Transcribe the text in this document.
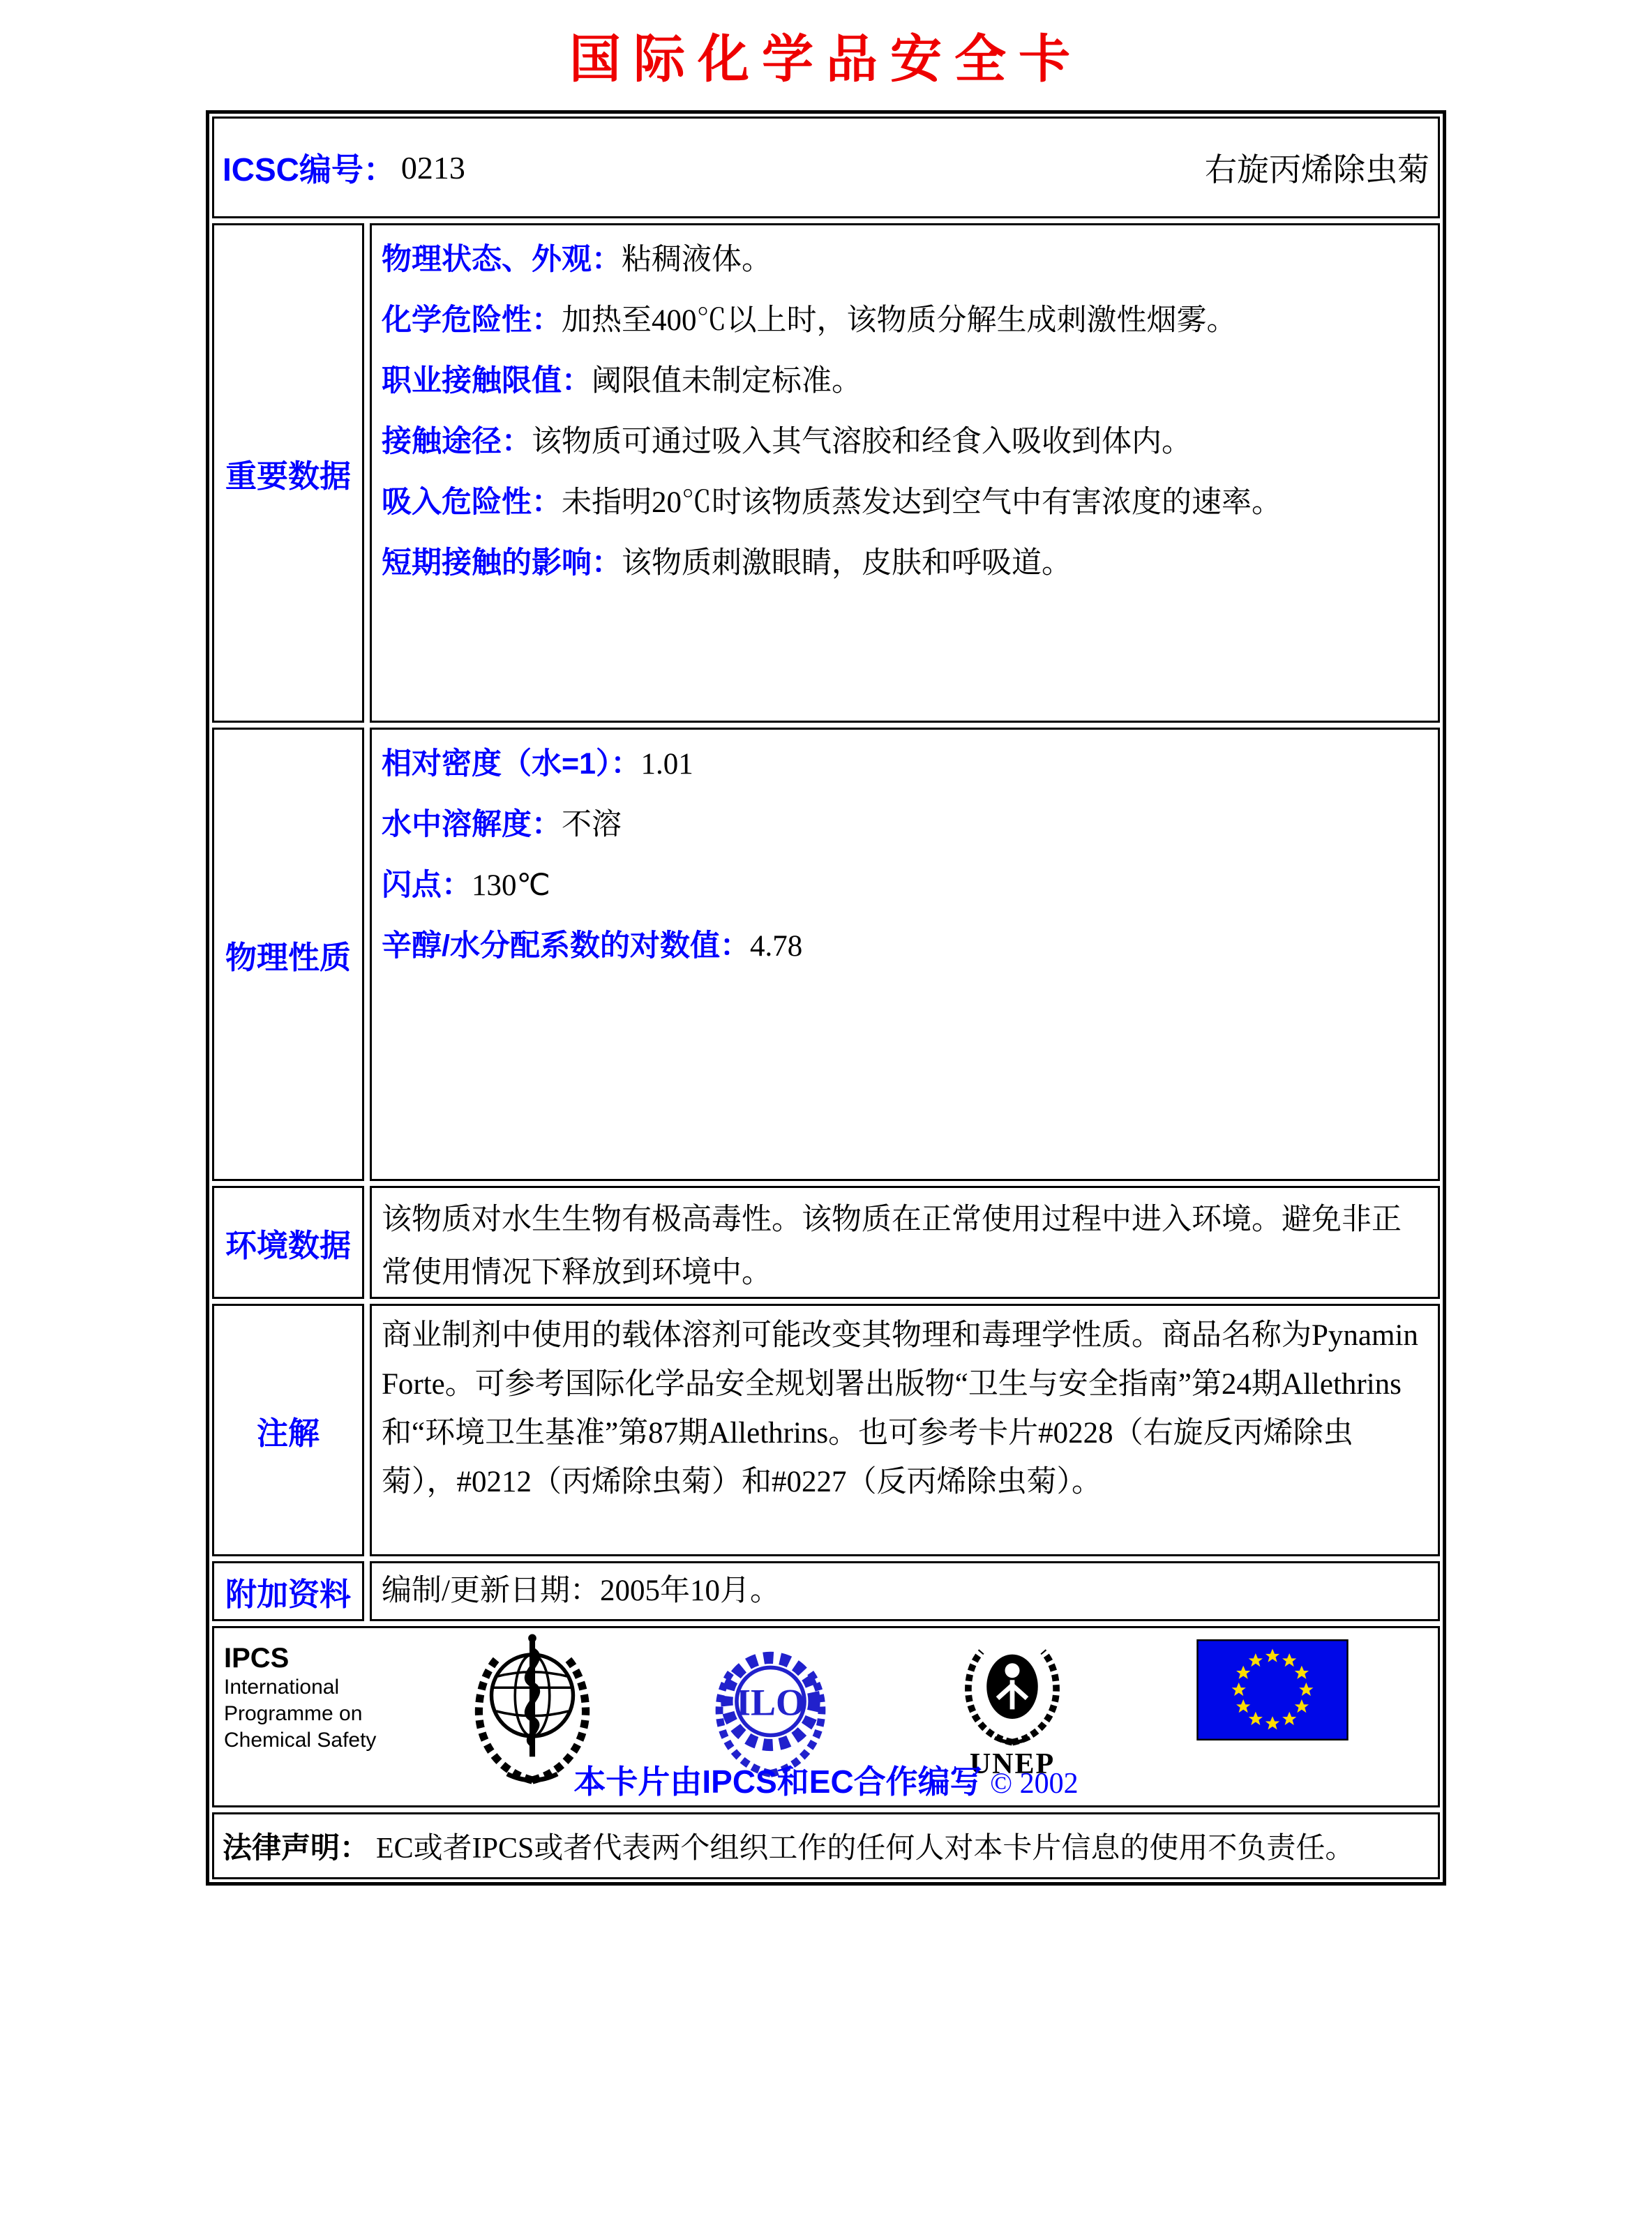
国际化学品安全卡
ICSC编号： 0213	右旋丙烯除虫菊
重要数据
物理状态、外观：粘稠液体。
化学危险性：加热至400℃以上时，该物质分解生成刺激性烟雾。
职业接触限值：阈限值未制定标准。
接触途径：该物质可通过吸入其气溶胶和经食入吸收到体内。
吸入危险性：未指明20℃时该物质蒸发达到空气中有害浓度的速率。
短期接触的影响：该物质刺激眼睛，皮肤和呼吸道。
物理性质
相对密度（水=1）：1.01
水中溶解度：不溶
闪点：130℃
辛醇/水分配系数的对数值：4.78
环境数据
该物质对水生生物有极高毒性。该物质在正常使用过程中进入环境。避免非正常使用情况下释放到环境中。
注解
商业制剂中使用的载体溶剂可能改变其物理和毒理学性质。商品名称为Pynamin Forte。可参考国际化学品安全规划署出版物“卫生与安全指南”第24期Allethrins和“环境卫生基准”第87期Allethrins。也可参考卡片#0228（右旋反丙烯除虫菊），#0212（丙烯除虫菊）和#0227（反丙烯除虫菊）。
附加资料	编制/更新日期：2005年10月。
IPCS
International
Programme on
Chemical Safety
ILO
UNEP
本卡片由IPCS和EC合作编写 © 2002
法律声明： EC或者IPCS或者代表两个组织工作的任何人对本卡片信息的使用不负责任。
